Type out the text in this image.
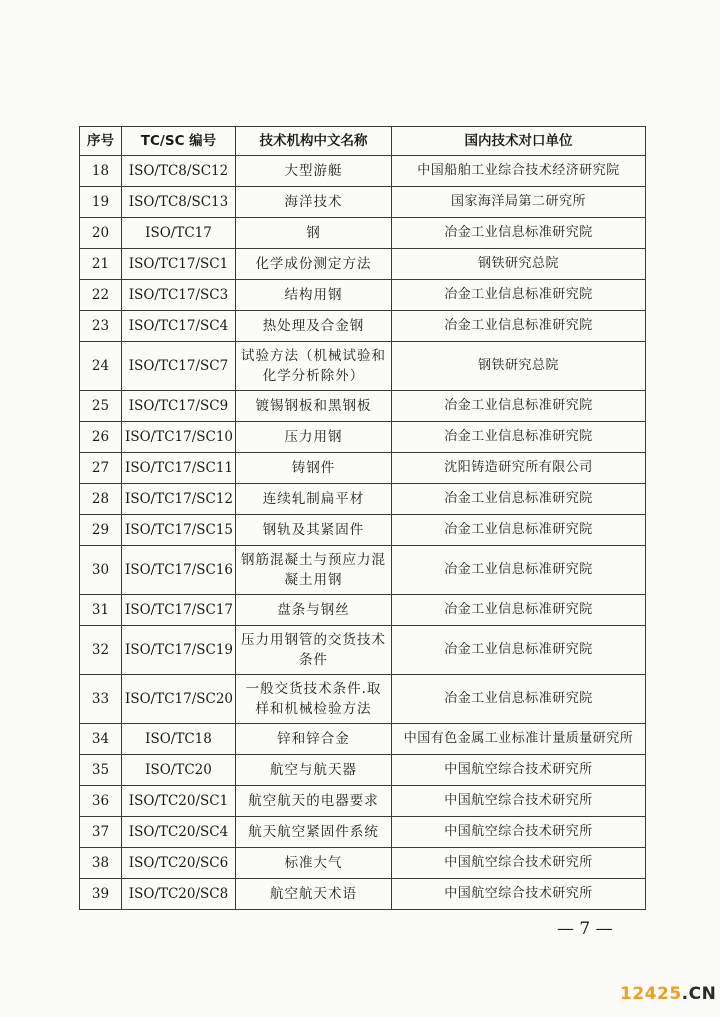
序号	TC/SC 编号	技术机构中文名称	国内技术对口单位
18	ISO/TC8/SC12	大型游艇	中国船舶工业综合技术经济研究院
19	ISO/TC8/SC13	海洋技术	国家海洋局第二研究所
20	ISO/TC17	钢	冶金工业信息标准研究院
21	ISO/TC17/SC1	化学成份测定方法	钢铁研究总院
22	ISO/TC17/SC3	结构用钢	冶金工业信息标准研究院
23	ISO/TC17/SC4	热处理及合金钢	冶金工业信息标准研究院
24	ISO/TC17/SC7	试验方法（机械试验和化学分析除外）	钢铁研究总院
25	ISO/TC17/SC9	镀锡钢板和黑钢板	冶金工业信息标准研究院
26	ISO/TC17/SC10	压力用钢	冶金工业信息标准研究院
27	ISO/TC17/SC11	铸钢件	沈阳铸造研究所有限公司
28	ISO/TC17/SC12	连续轧制扁平材	冶金工业信息标准研究院
29	ISO/TC17/SC15	钢轨及其紧固件	冶金工业信息标准研究院
30	ISO/TC17/SC16	钢筋混凝土与预应力混凝土用钢	冶金工业信息标准研究院
31	ISO/TC17/SC17	盘条与钢丝	冶金工业信息标准研究院
32	ISO/TC17/SC19	压力用钢管的交货技术条件	冶金工业信息标准研究院
33	ISO/TC17/SC20	一般交货技术条件.取样和机械检验方法	冶金工业信息标准研究院
34	ISO/TC18	锌和锌合金	中国有色金属工业标准计量质量研究所
35	ISO/TC20	航空与航天器	中国航空综合技术研究所
36	ISO/TC20/SC1	航空航天的电器要求	中国航空综合技术研究所
37	ISO/TC20/SC4	航天航空紧固件系统	中国航空综合技术研究所
38	ISO/TC20/SC6	标准大气	中国航空综合技术研究所
39	ISO/TC20/SC8	航空航天术语	中国航空综合技术研究所
— 7 —
12425.CN
